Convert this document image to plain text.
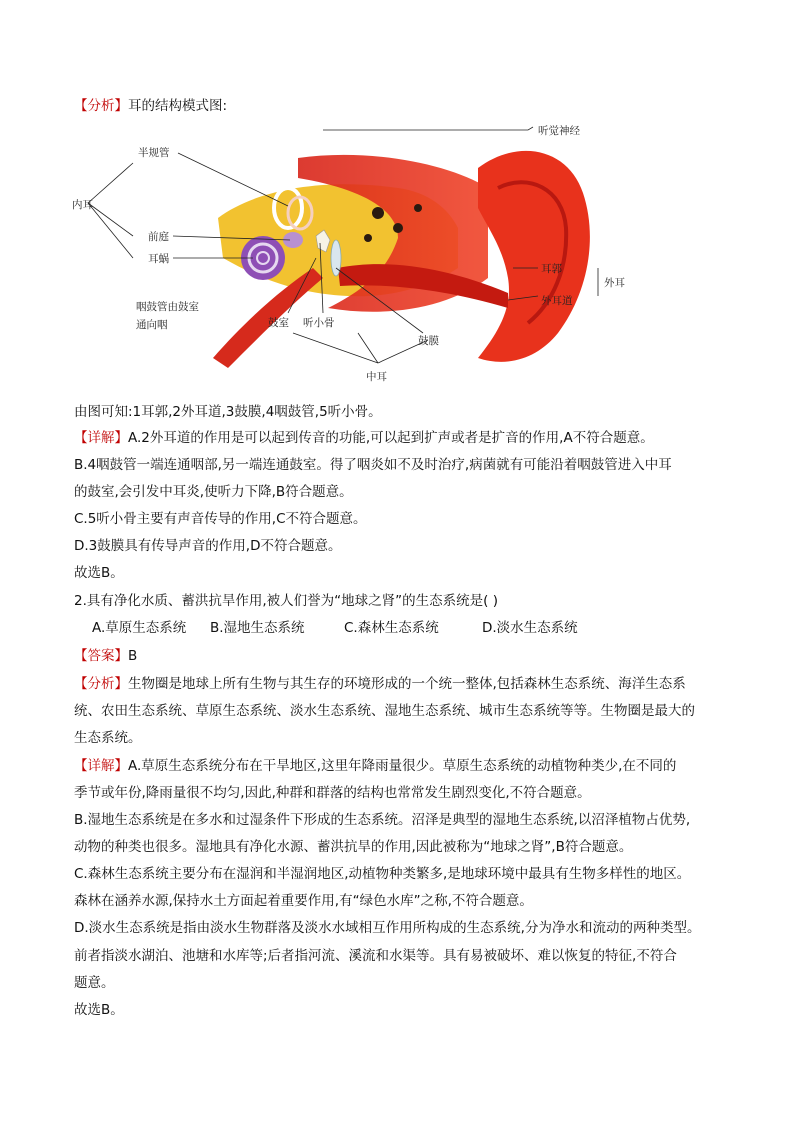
【分析】耳的结构模式图:
听觉神经
半规管
内耳
前庭
耳蜗
咽鼓管由鼓室
通向咽	鼓室 听小骨
鼓膜
中耳
耳郭
外耳道
外耳
由图可知:1耳郭,2外耳道,3鼓膜,4咽鼓管,5听小骨。
【详解】A.2外耳道的作用是可以起到传音的功能,可以起到扩声或者是扩音的作用,A不符合题意。
B.4咽鼓管一端连通咽部,另一端连通鼓室。得了咽炎如不及时治疗,病菌就有可能沿着咽鼓管进入中耳
的鼓室,会引发中耳炎,使听力下降,B符合题意。
C.5听小骨主要有声音传导的作用,C不符合题意。
D.3鼓膜具有传导声音的作用,D不符合题意。
故选B。
2.具有净化水质、蓄洪抗旱作用,被人们誉为“地球之肾”的生态系统是( )
A.草原生态系统 B.湿地生态系统	C.森林生态系统	D.淡水生态系统
【答案】B
【分析】生物圈是地球上所有生物与其生存的环境形成的一个统一整体,包括森林生态系统、海洋生态系
统、农田生态系统、草原生态系统、淡水生态系统、湿地生态系统、城市生态系统等等。生物圈是最大的
生态系统。
【详解】A.草原生态系统分布在干旱地区,这里年降雨量很少。草原生态系统的动植物种类少,在不同的
季节或年份,降雨量很不均匀,因此,种群和群落的结构也常常发生剧烈变化,不符合题意。
B.湿地生态系统是在多水和过湿条件下形成的生态系统。沼泽是典型的湿地生态系统,以沼泽植物占优势,
动物的种类也很多。湿地具有净化水源、蓄洪抗旱的作用,因此被称为“地球之肾”,B符合题意。
C.森林生态系统主要分布在湿润和半湿润地区,动植物种类繁多,是地球环境中最具有生物多样性的地区。
森林在涵养水源,保持水土方面起着重要作用,有“绿色水库”之称,不符合题意。
D.淡水生态系统是指由淡水生物群落及淡水水域相互作用所构成的生态系统,分为净水和流动的两种类型。
前者指淡水湖泊、池塘和水库等;后者指河流、溪流和水渠等。具有易被破坏、难以恢复的特征,不符合
题意。
故选B。
